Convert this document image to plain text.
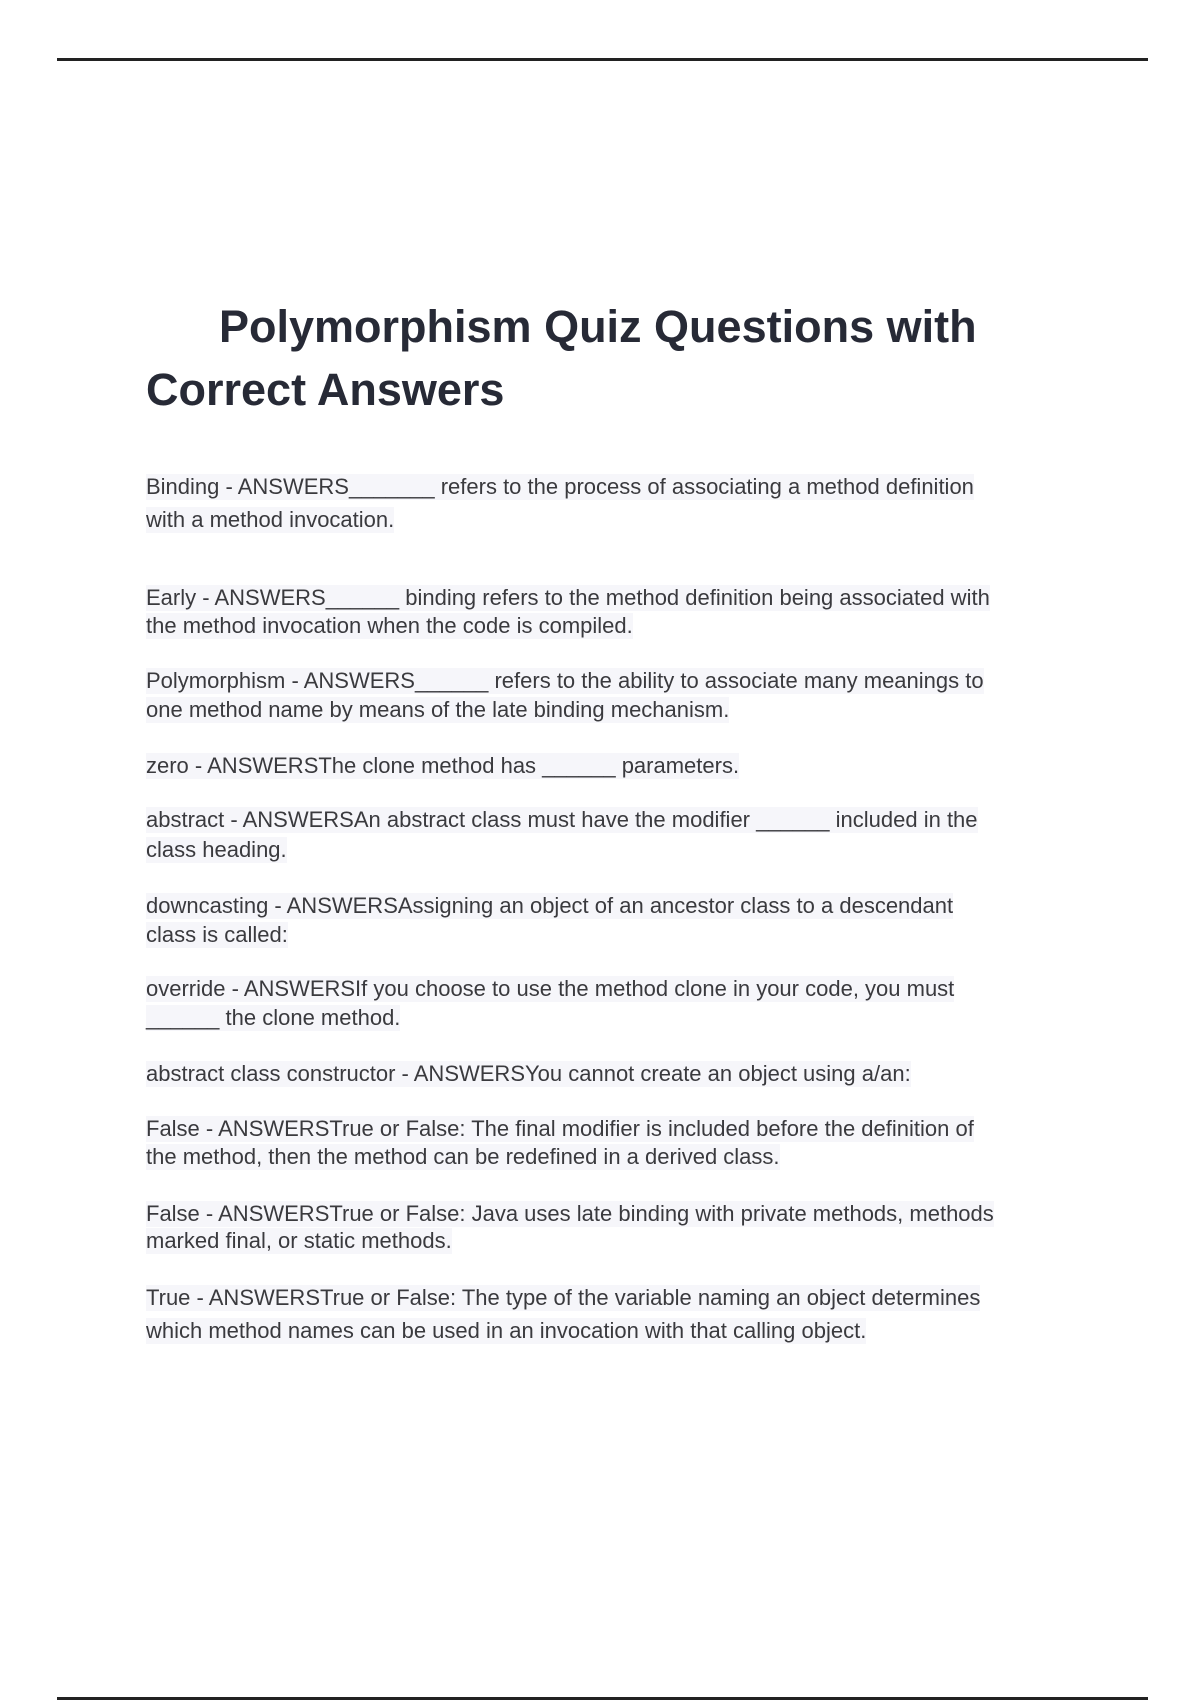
Polymorphism Quiz Questions with
Correct Answers
Binding - ANSWERS_______ refers to the process of associating a method definition
with a method invocation.
Early - ANSWERS______ binding refers to the method definition being associated with
the method invocation when the code is compiled.
Polymorphism - ANSWERS______ refers to the ability to associate many meanings to
one method name by means of the late binding mechanism.
zero - ANSWERSThe clone method has ______ parameters.
abstract - ANSWERSAn abstract class must have the modifier ______ included in the
class heading.
downcasting - ANSWERSAssigning an object of an ancestor class to a descendant
class is called:
override - ANSWERSIf you choose to use the method clone in your code, you must
______ the clone method.
abstract class constructor - ANSWERSYou cannot create an object using a/an:
False - ANSWERSTrue or False: The final modifier is included before the definition of
the method, then the method can be redefined in a derived class.
False - ANSWERSTrue or False: Java uses late binding with private methods, methods
marked final, or static methods.
True - ANSWERSTrue or False: The type of the variable naming an object determines
which method names can be used in an invocation with that calling object.
